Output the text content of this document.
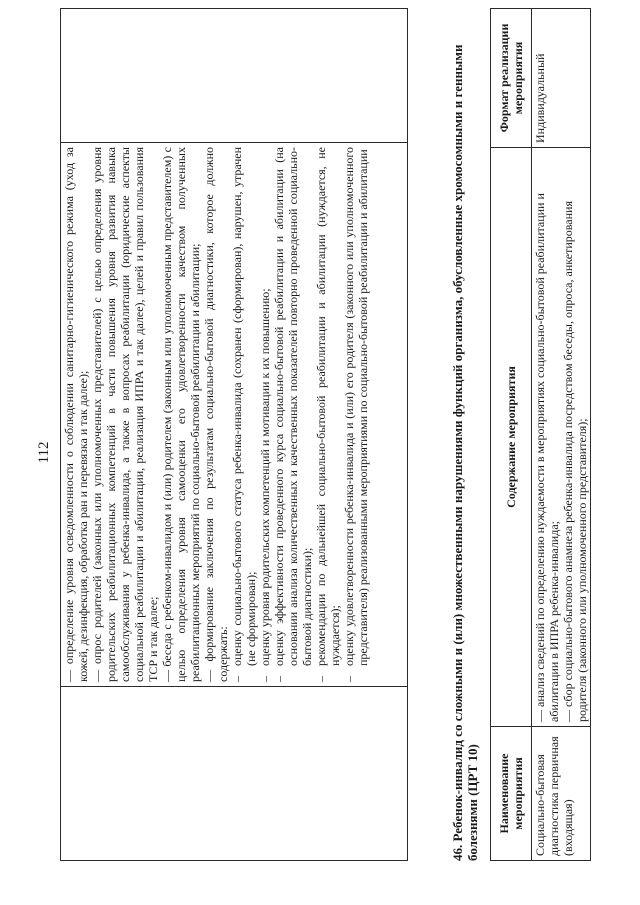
112
	— определение уровня осведомленности о соблюдении санитарно-гигиенического режима (уход за кожей, дезинфекция, обработка ран и перевязка и так далее); — опрос родителей (законных или уполномоченных представителей) с целью определения уровня родительских реабилитационных компетенций в части повышения уровня развития навыка самообслуживания у ребенка-инвалида, а также в вопросах реабилитации (юридические аспекты социальной реабилитации и абилитации, реализация ИПРА и так далее), целей и правил пользования ТСР и так далее; — беседа с ребенком-инвалидом и (или) родителем (законным или уполномоченным представителем) с целью определения уровня самооценки его удовлетворенности качеством полученных реабилитационных мероприятий по социально-бытовой реабилитации и абилитации; — формирование заключения по результатам социально-бытовой диагностики, которое должно содержать: –
оценку социально-бытового статуса ребенка-инвалида (сохранен (сформирован), нарушен, утрачен (не сформирован);
–
оценку уровня родительских компетенций и мотивации к их повышению;
–
оценку эффективности проведенного курса социально-бытовой реабилитации и абилитации (на основании анализа количественных и качественных показателей повторно проведенной социально-бытовой диагностики);
–
рекомендации по дальнейшей социально-бытовой реабилитации и абилитации (нуждается, не нуждается);
–
оценку удовлетворенности ребенка-инвалида и (или) его родителя (законного или уполномоченного представителя) реализованными мероприятиями по социально-бытовой реабилитации и абилитации
		46. Ребенок-инвалид со сложными и (или) множественными нарушениями функций организма, обусловленные хромосомными и генными болезнями (ЦРТ 10) Наименование мероприятия	Содержание мероприятия	Формат реализации мероприятия
Социально-бытовая диагностика первичная (входящая)	— анализ сведений по определению нуждаемости в мероприятиях социально-бытовой реабилитации и абилитации в ИПРА ребенка-инвалида; — сбор социально-бытового анамнеза ребенка-инвалида посредством беседы, опроса, анкетирования родителя (законного или уполномоченного представителя);	Индивидуальный
